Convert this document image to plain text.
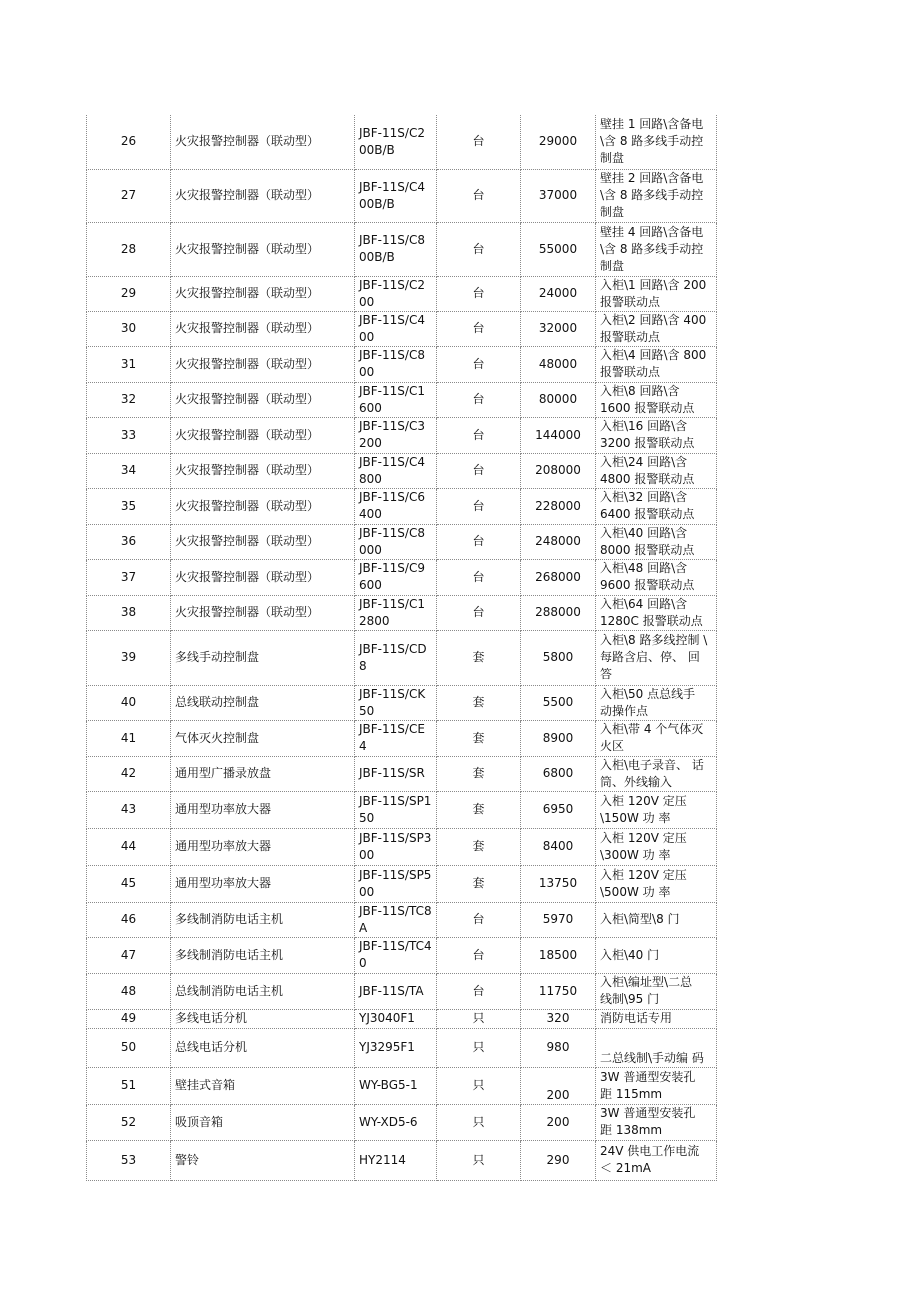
26	火灾报警控制器（联动型）	JBF-11S/C200B/B	台	29000	壁挂 1 回路\含备电
\含 8 路多线手动控
制盘

27	火灾报警控制器（联动型）	JBF-11S/C400B/B	台	37000	壁挂 2 回路\含备电
\含 8 路多线手动控
制盘

28	火灾报警控制器（联动型）	JBF-11S/C800B/B	台	55000	壁挂 4 回路\含备电
\含 8 路多线手动控
制盘

29	火灾报警控制器（联动型）	JBF-11S/C200	台	24000	入柜\1 回路\含 200
报警联动点

30	火灾报警控制器（联动型）	JBF-11S/C400	台	32000	入柜\2 回路\含 400
报警联动点

31	火灾报警控制器（联动型）	JBF-11S/C800	台	48000	入柜\4 回路\含 800
报警联动点

32	火灾报警控制器（联动型）	JBF-11S/C1600	台	80000	入柜\8 回路\含
1600 报警联动点

33	火灾报警控制器（联动型）	JBF-11S/C3200	台	144000	入柜\16 回路\含
3200 报警联动点

34	火灾报警控制器（联动型）	JBF-11S/C4800	台	208000	入柜\24 回路\含
4800 报警联动点

35	火灾报警控制器（联动型）	JBF-11S/C6400	台	228000	入柜\32 回路\含
6400 报警联动点

36	火灾报警控制器（联动型）	JBF-11S/C8000	台	248000	入柜\40 回路\含
8000 报警联动点

37	火灾报警控制器（联动型）	JBF-11S/C9600	台	268000	入柜\48 回路\含
9600 报警联动点

38	火灾报警控制器（联动型）	JBF-11S/C12800	台	288000	入柜\64 回路\含
1280C 报警联动点

39	多线手动控制盘	JBF-11S/CD8	套	5800	入柜\8 路多线控制 \
每路含启、停、 回
答

40	总线联动控制盘	JBF-11S/CK50	套	5500	入柜\50 点总线手
动操作点

41	气体灭火控制盘	JBF-11S/CE4	套	8900	入柜\带 4 个气体灭
火区

42	通用型广播录放盘	JBF-11S/SR	套	6800	入柜\电子录音、 话
筒、外线输入

43	通用型功率放大器	JBF-11S/SP150	套	6950	入柜 120V 定压
\150W 功 率

44	通用型功率放大器	JBF-11S/SP300	套	8400	入柜 120V 定压
\300W 功 率

45	通用型功率放大器	JBF-11S/SP500	套	13750	入柜 120V 定压
\500W 功 率

46	多线制消防电话主机	JBF-11S/TC8A	台	5970	入柜\简型\8 门

47	多线制消防电话主机	JBF-11S/TC40	台	18500	入柜\40 门

48	总线制消防电话主机	JBF-11S/TA	台	11750	入柜\编址型\二总
线制\95 门

49	多线电话分机	YJ3040F1	只	320	消防电话专用

50	总线电话分机	YJ3295F1	只	980	二总线制\手动编 码

51	壁挂式音箱	WY-BG5-1	只	200	3W 普通型安装孔
距 115mm

52	吸顶音箱	WY-XD5-6	只	200	3W 普通型安装孔
距 138mm

53	警铃	HY2114	只	290	24V 供电工作电流
＜ 21mA
